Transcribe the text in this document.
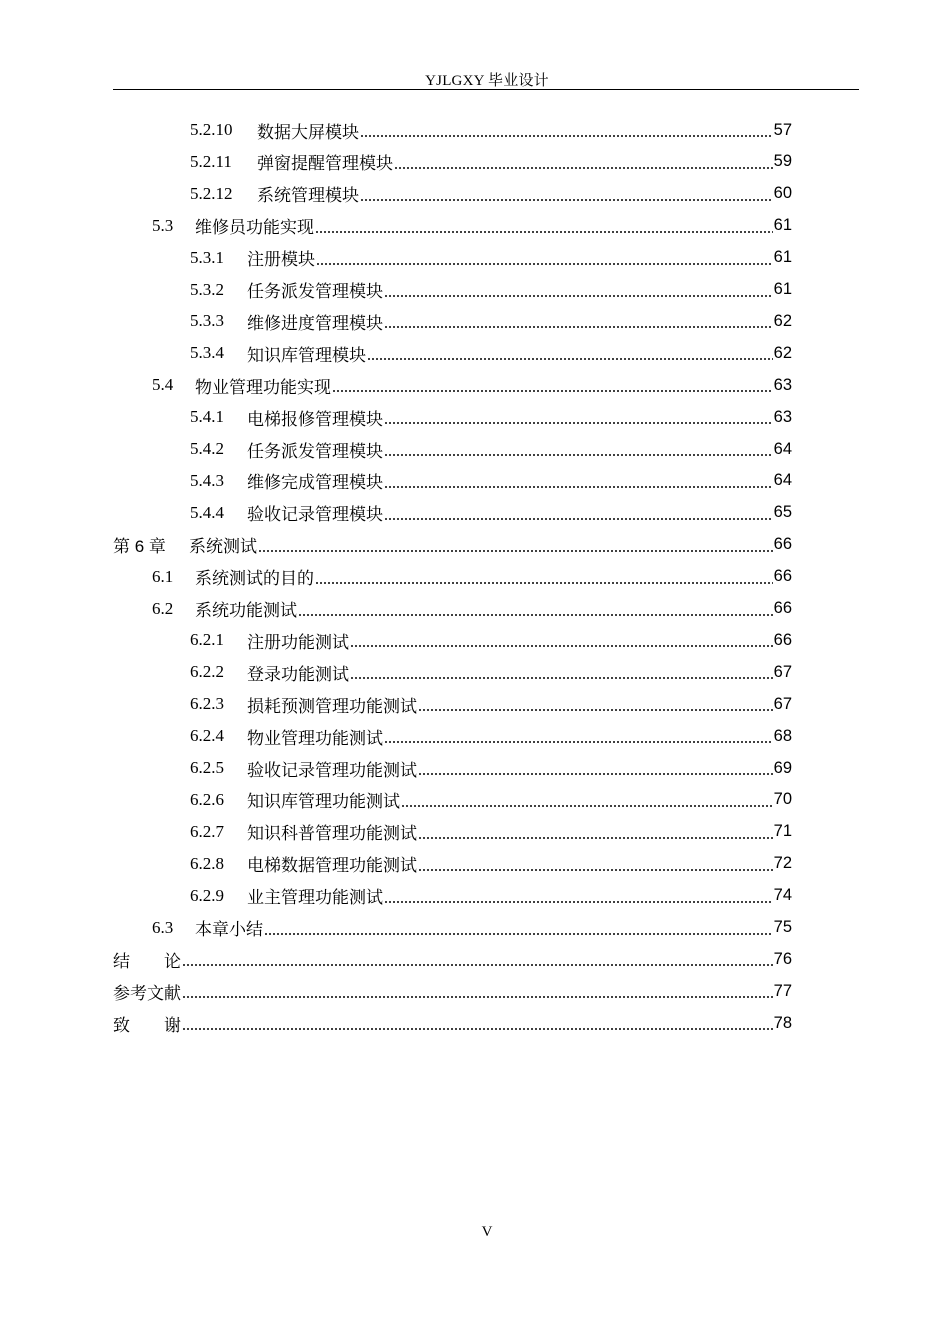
YJLGXY 毕业设计
5.2.10	数据大屏模块	57
5.2.11	弹窗提醒管理模块	59
5.2.12	系统管理模块	60
5.3	维修员功能实现	61
5.3.1	注册模块	61
5.3.2	任务派发管理模块	61
5.3.3	维修进度管理模块	62
5.3.4	知识库管理模块	62
5.4	物业管理功能实现	63
5.4.1	电梯报修管理模块	63
5.4.2	任务派发管理模块	64
5.4.3	维修完成管理模块	64
5.4.4	验收记录管理模块	65
第 6 章	系统测试	66
6.1	系统测试的目的	66
6.2	系统功能测试	66
6.2.1	注册功能测试	66
6.2.2	登录功能测试	67
6.2.3	损耗预测管理功能测试	67
6.2.4	物业管理功能测试	68
6.2.5	验收记录管理功能测试	69
6.2.6	知识库管理功能测试	70
6.2.7	知识科普管理功能测试	71
6.2.8	电梯数据管理功能测试	72
6.2.9	业主管理功能测试	74
6.3	本章小结	75
结　　论	76
参考文献	77
致　　谢	78
V
